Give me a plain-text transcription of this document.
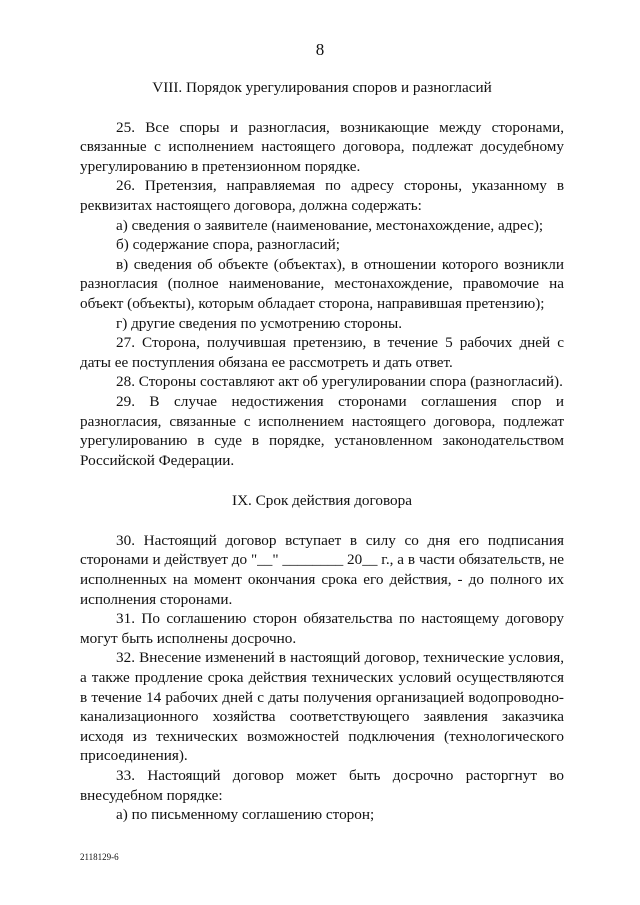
8

VIII. Порядок урегулирования споров и разногласий

25. Все споры и разногласия, возникающие между сторонами, связанные с исполнением настоящего договора, подлежат досудебному урегулированию в претензионном порядке.

26. Претензия, направляемая по адресу стороны, указанному в реквизитах настоящего договора, должна содержать:

а) сведения о заявителе (наименование, местонахождение, адрес);

б) содержание спора, разногласий;

в) сведения об объекте (объектах), в отношении которого возникли разногласия (полное наименование, местонахождение, правомочие на объект (объекты), которым обладает сторона, направившая претензию);

г) другие сведения по усмотрению стороны.

27. Сторона, получившая претензию, в течение 5 рабочих дней с даты ее поступления обязана ее рассмотреть и дать ответ.

28. Стороны составляют акт об урегулировании спора (разногласий).

29. В случае недостижения сторонами соглашения спор и разногласия, связанные с исполнением настоящего договора, подлежат урегулированию в суде в порядке, установленном законодательством Российской Федерации.

IX. Срок действия договора

30. Настоящий договор вступает в силу со дня его подписания сторонами и действует до "__" ________ 20__ г., а в части обязательств, не исполненных на момент окончания срока его действия, - до полного их исполнения сторонами.

31. По соглашению сторон обязательства по настоящему договору могут быть исполнены досрочно.

32. Внесение изменений в настоящий договор, технические условия, а также продление срока действия технических условий осуществляются в течение 14 рабочих дней с даты получения организацией водопроводно-канализационного хозяйства соответствующего заявления заказчика исходя из технических возможностей подключения (технологического присоединения).

33. Настоящий договор может быть досрочно расторгнут во внесудебном порядке:

а) по письменному соглашению сторон;

2118129-6
